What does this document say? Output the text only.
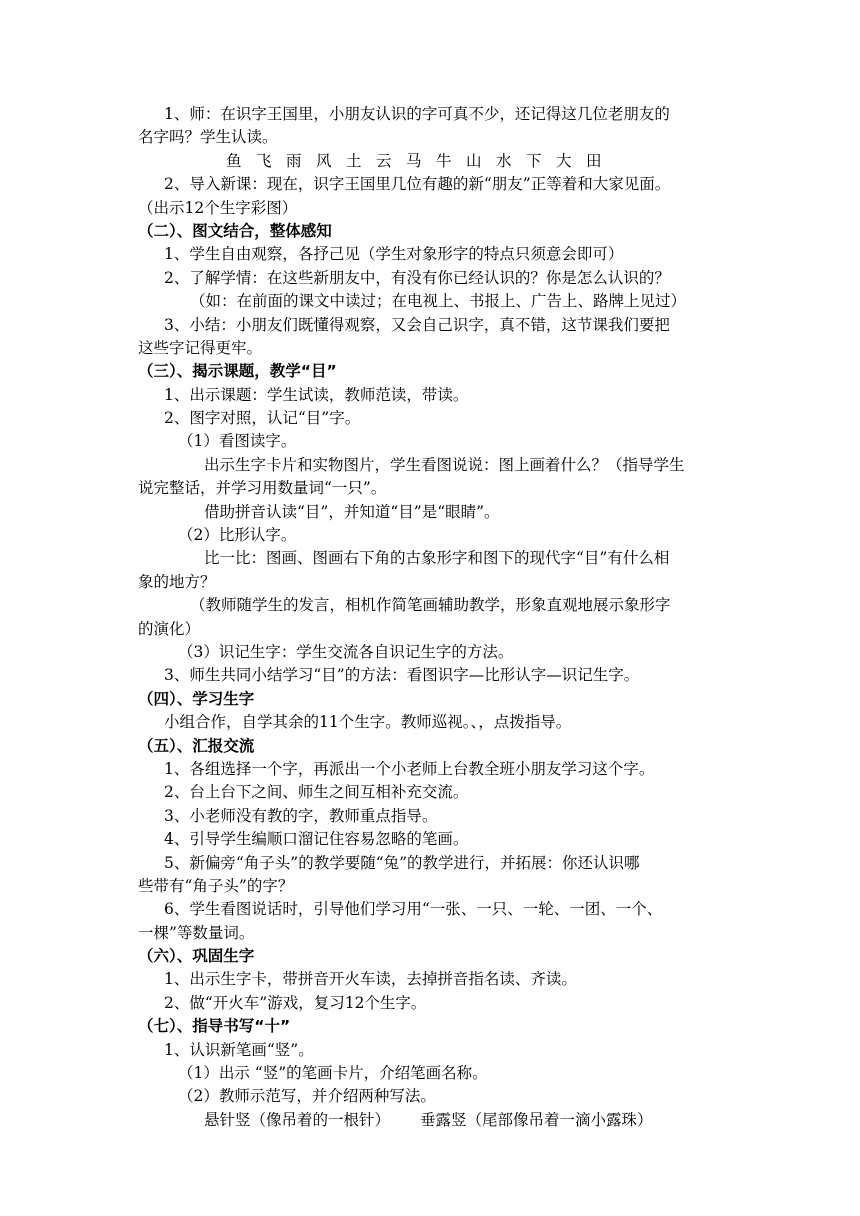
1、师：在识字王国里，小朋友认识的字可真不少，还记得这几位老朋友的
名字吗？学生认读。
鱼 飞 雨 风 土 云 马 牛 山 水 下 大 田
2、导入新课：现在，识字王国里几位有趣的新“朋友”正等着和大家见面。
（出示12个生字彩图）
（二）、图文结合，整体感知
1、学生自由观察，各抒己见（学生对象形字的特点只须意会即可）
2、了解学情：在这些新朋友中，有没有你已经认识的？你是怎么认识的？
（如：在前面的课文中读过；在电视上、书报上、广告上、路牌上见过）
3、小结：小朋友们既懂得观察，又会自己识字，真不错，这节课我们要把
这些字记得更牢。
（三）、揭示课题，教学“目”
1、出示课题：学生试读，教师范读，带读。
2、图字对照，认记“目”字。
（1）看图读字。
出示生字卡片和实物图片，学生看图说说：图上画着什么？（指导学生
说完整话，并学习用数量词“一只”。
借助拼音认读“目”，并知道“目”是“眼睛”。
（2）比形认字。
比一比：图画、图画右下角的古象形字和图下的现代字“目”有什么相
象的地方？
（教师随学生的发言，相机作简笔画辅助教学，形象直观地展示象形字
的演化）
（3）识记生字：学生交流各自识记生字的方法。
3、师生共同小结学习“目”的方法：看图识字—比形认字—识记生字。
（四）、学习生字
小组合作，自学其余的11个生字。教师巡视。、，点拨指导。
（五）、汇报交流
1、各组选择一个字，再派出一个小老师上台教全班小朋友学习这个字。
2、台上台下之间、师生之间互相补充交流。
3、小老师没有教的字，教师重点指导。
4、引导学生编顺口溜记住容易忽略的笔画。
5、新偏旁“角子头”的教学要随“兔”的教学进行，并拓展：你还认识哪
些带有“角子头”的字？
6、学生看图说话时，引导他们学习用“一张、一只、一轮、一团、一个、
一棵”等数量词。
（六）、巩固生字
1、出示生字卡，带拼音开火车读，去掉拼音指名读、齐读。
2、做“开火车”游戏，复习12个生字。
（七）、指导书写“十”
1、认识新笔画“竖”。
（1）出示 “竖”的笔画卡片，介绍笔画名称。
（2）教师示范写，并介绍两种写法。
悬针竖（像吊着的一根针） 垂露竖（尾部像吊着一滴小露珠）
